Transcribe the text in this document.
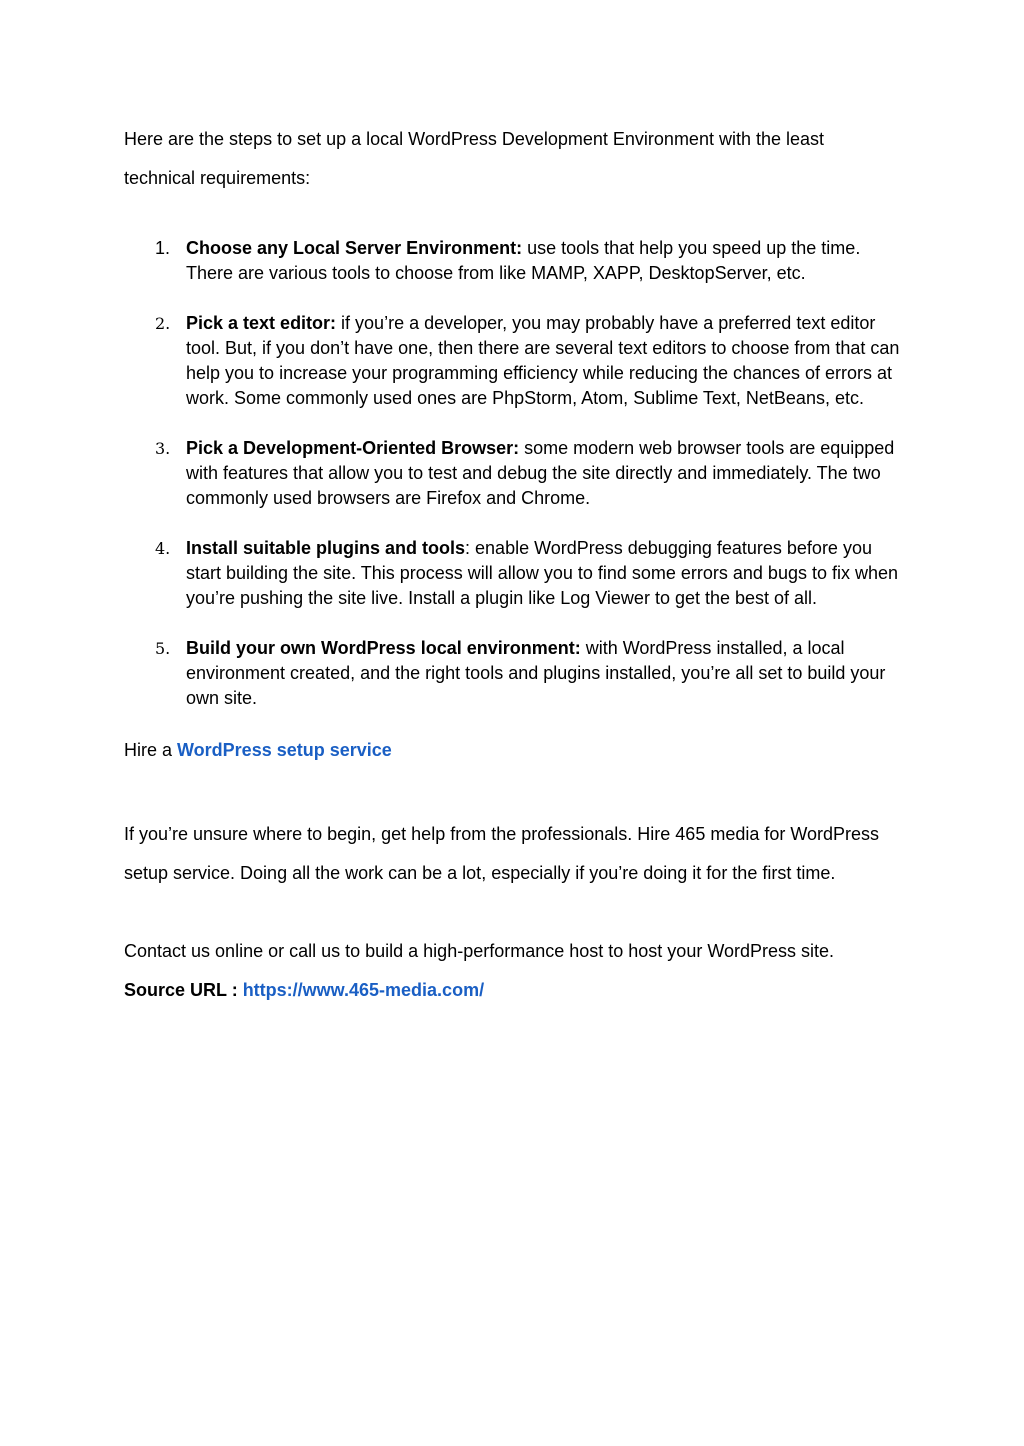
Here are the steps to set up a local WordPress Development Environment with the least technical requirements:

1. Choose any Local Server Environment: use tools that help you speed up the time. There are various tools to choose from like MAMP, XAPP, DesktopServer, etc.
2. Pick a text editor: if you’re a developer, you may probably have a preferred text editor tool. But, if you don’t have one, then there are several text editors to choose from that can help you to increase your programming efficiency while reducing the chances of errors at work. Some commonly used ones are PhpStorm, Atom, Sublime Text, NetBeans, etc.
3. Pick a Development-Oriented Browser: some modern web browser tools are equipped with features that allow you to test and debug the site directly and immediately. The two commonly used browsers are Firefox and Chrome.
4. Install suitable plugins and tools: enable WordPress debugging features before you start building the site. This process will allow you to find some errors and bugs to fix when you’re pushing the site live. Install a plugin like Log Viewer to get the best of all.
5. Build your own WordPress local environment: with WordPress installed, a local environment created, and the right tools and plugins installed, you’re all set to build your own site.

Hire a WordPress setup service

If you’re unsure where to begin, get help from the professionals. Hire 465 media for WordPress setup service. Doing all the work can be a lot, especially if you’re doing it for the first time.

Contact us online or call us to build a high-performance host to host your WordPress site.

Source URL : https://www.465-media.com/
